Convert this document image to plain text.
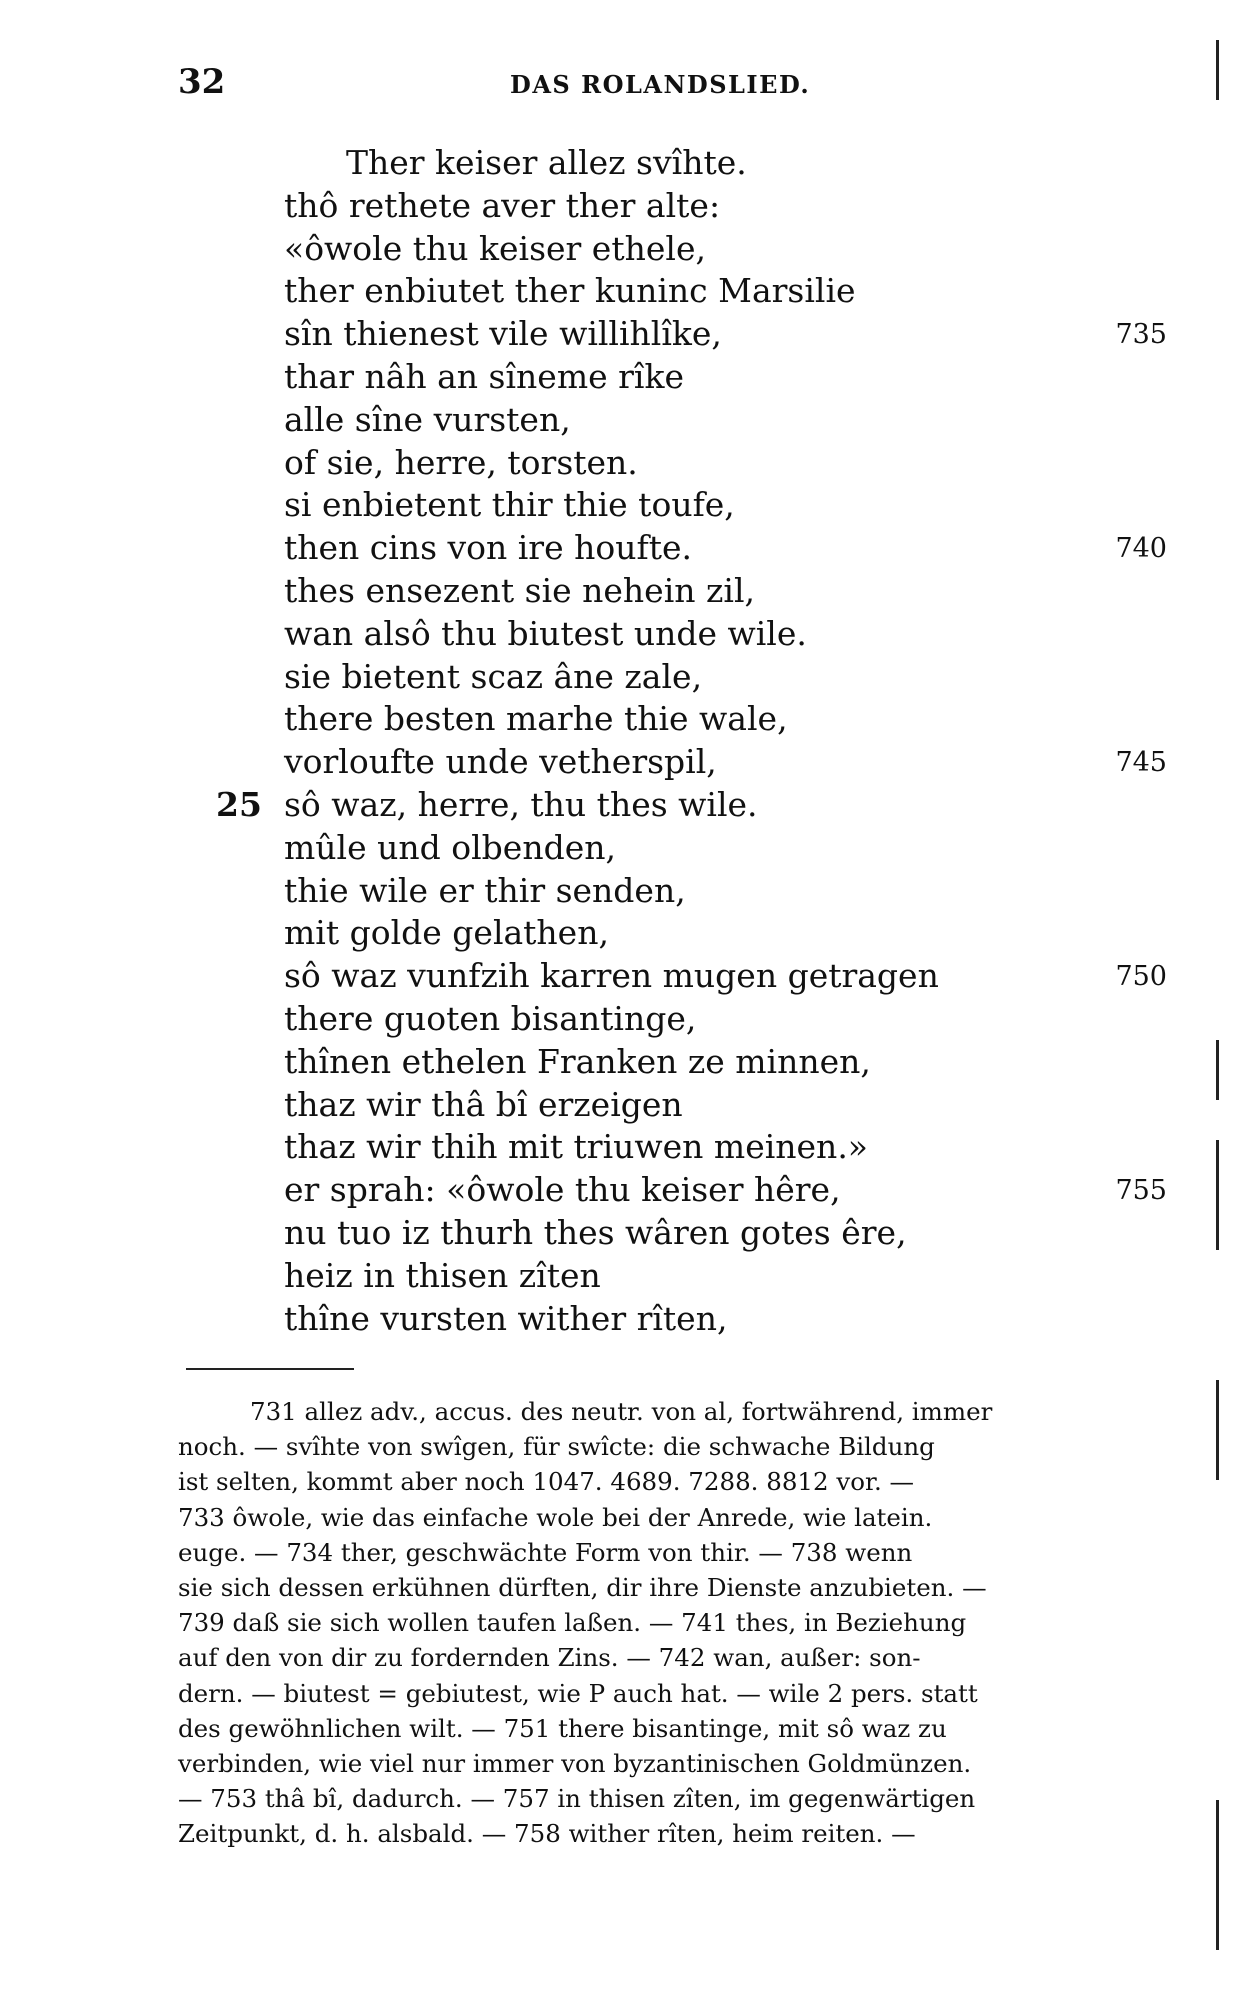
32	DAS ROLANDSLIED.
Ther keiser allez svîhte.
thô rethete aver ther alte:
«ôwole thu keiser ethele,
ther enbiutet ther kuninc Marsilie
sîn thienest vile willihlîke,	735
thar nâh an sîneme rîke
alle sîne vursten,
of sie, herre, torsten.
si enbietent thir thie toufe,
then cins von ire houfte.	740
thes ensezent sie nehein zil,
wan alsô thu biutest unde wile.
sie bietent scaz âne zale,
there besten marhe thie wale,
vorloufte unde vetherspil,	745
sô waz, herre, thu thes wile.
25
mûle und olbenden,
thie wile er thir senden,
mit golde gelathen,
sô waz vunfzih karren mugen getragen	750
there guoten bisantinge,
thînen ethelen Franken ze minnen,
thaz wir thâ bî erzeigen
thaz wir thih mit triuwen meinen.»
er sprah: «ôwole thu keiser hêre,	755
nu tuo iz thurh thes wâren gotes êre,
heiz in thisen zîten
thîne vursten wither rîten,

731 allez adv., accus. des neutr. von al, fortwährend, immer

noch. — svîhte von swîgen, für swîcte: die schwache Bildung

ist selten, kommt aber noch 1047. 4689. 7288. 8812 vor. —

733 ôwole, wie das einfache wole bei der Anrede, wie latein.

euge. — 734 ther, geschwächte Form von thir. — 738 wenn

sie sich dessen erkühnen dürften, dir ihre Dienste anzubieten. —

739 daß sie sich wollen taufen laßen. — 741 thes, in Beziehung

auf den von dir zu fordernden Zins. — 742 wan, außer: son-

dern. — biutest = gebiutest, wie P auch hat. — wile 2 pers. statt

des gewöhnlichen wilt. — 751 there bisantinge, mit sô waz zu

verbinden, wie viel nur immer von byzantinischen Goldmünzen.

— 753 thâ bî, dadurch. — 757 in thisen zîten, im gegenwärtigen

Zeitpunkt, d. h. alsbald. — 758 wither rîten, heim reiten. —
